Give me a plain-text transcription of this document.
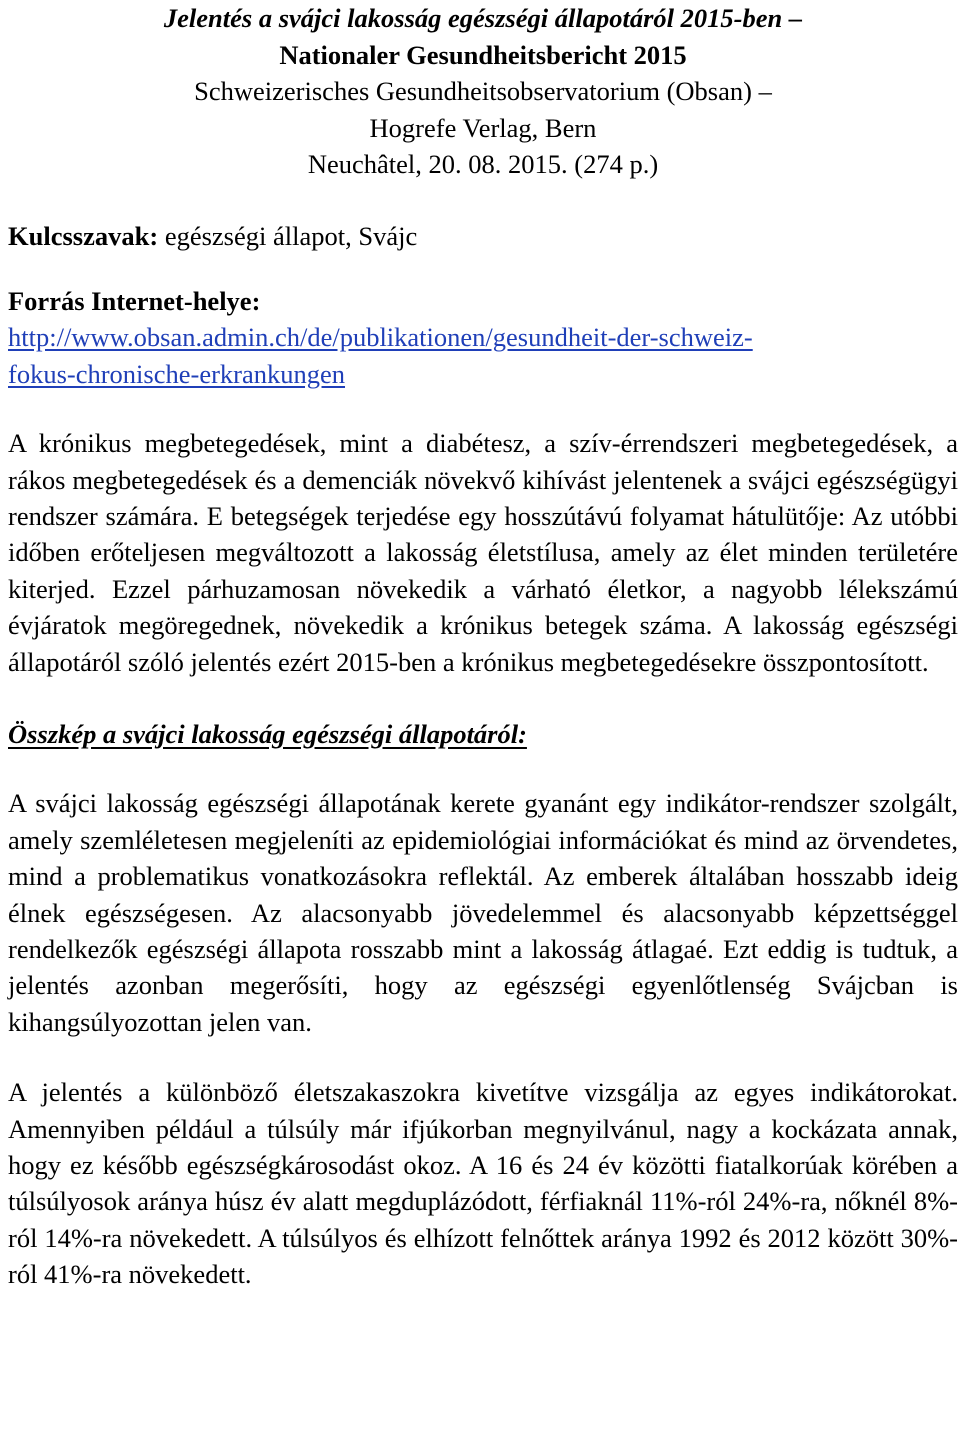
Jelentés a svájci lakosság egészségi állapotáról 2015-ben –

Nationaler Gesundheitsbericht 2015

Schweizerisches Gesundheitsobservatorium (Obsan) –

Hogrefe Verlag, Bern

Neuchâtel, 20. 08. 2015. (274 p.)

Kulcsszavak: egészségi állapot, Svájc

Forrás Internet-helye:

http://www.obsan.admin.ch/de/publikationen/gesundheit-der-schweiz-
fokus-chronische-erkrankungen

A krónikus megbetegedések, mint a diabétesz, a szív-érrendszeri megbetegedések, a rákos megbetegedések és a demenciák növekvő kihívást jelentenek a svájci egészségügyi rendszer számára. E betegségek terjedése egy hosszútávú folyamat hátulütője: Az utóbbi időben erőteljesen megváltozott a lakosság életstílusa, amely az élet minden területére kiterjed. Ezzel párhuzamosan növekedik a várható életkor, a nagyobb lélekszámú évjáratok megöregednek, növekedik a krónikus betegek száma. A lakosság egészségi állapotáról szóló jelentés ezért 2015-ben a krónikus megbetegedésekre összpontosított.

Összkép a svájci lakosság egészségi állapotáról:

A svájci lakosság egészségi állapotának kerete gyanánt egy indikátor-rendszer szolgált, amely szemléletesen megjeleníti az epidemiológiai információkat és mind az örvendetes, mind a problematikus vonatkozásokra reflektál. Az emberek általában hosszabb ideig élnek egészségesen. Az alacsonyabb jövedelemmel és alacsonyabb képzettséggel rendelkezők egészségi állapota rosszabb mint a lakosság átlagaé. Ezt eddig is tudtuk, a jelentés azonban megerősíti, hogy az egészségi egyenlőtlenség Svájcban is kihangsúlyozottan jelen van.

A jelentés a különböző életszakaszokra kivetítve vizsgálja az egyes indikátorokat. Amennyiben például a túlsúly már ifjúkorban megnyilvánul, nagy a kockázata annak, hogy ez később egészségkárosodást okoz. A 16 és 24 év közötti fiatalkorúak körében a túlsúlyosok aránya húsz év alatt megduplázódott, férfiaknál 11%-ról 24%-ra, nőknél 8%-ról 14%-ra növekedett. A túlsúlyos és elhízott felnőttek aránya 1992 és 2012 között 30%-ról 41%-ra növekedett.
